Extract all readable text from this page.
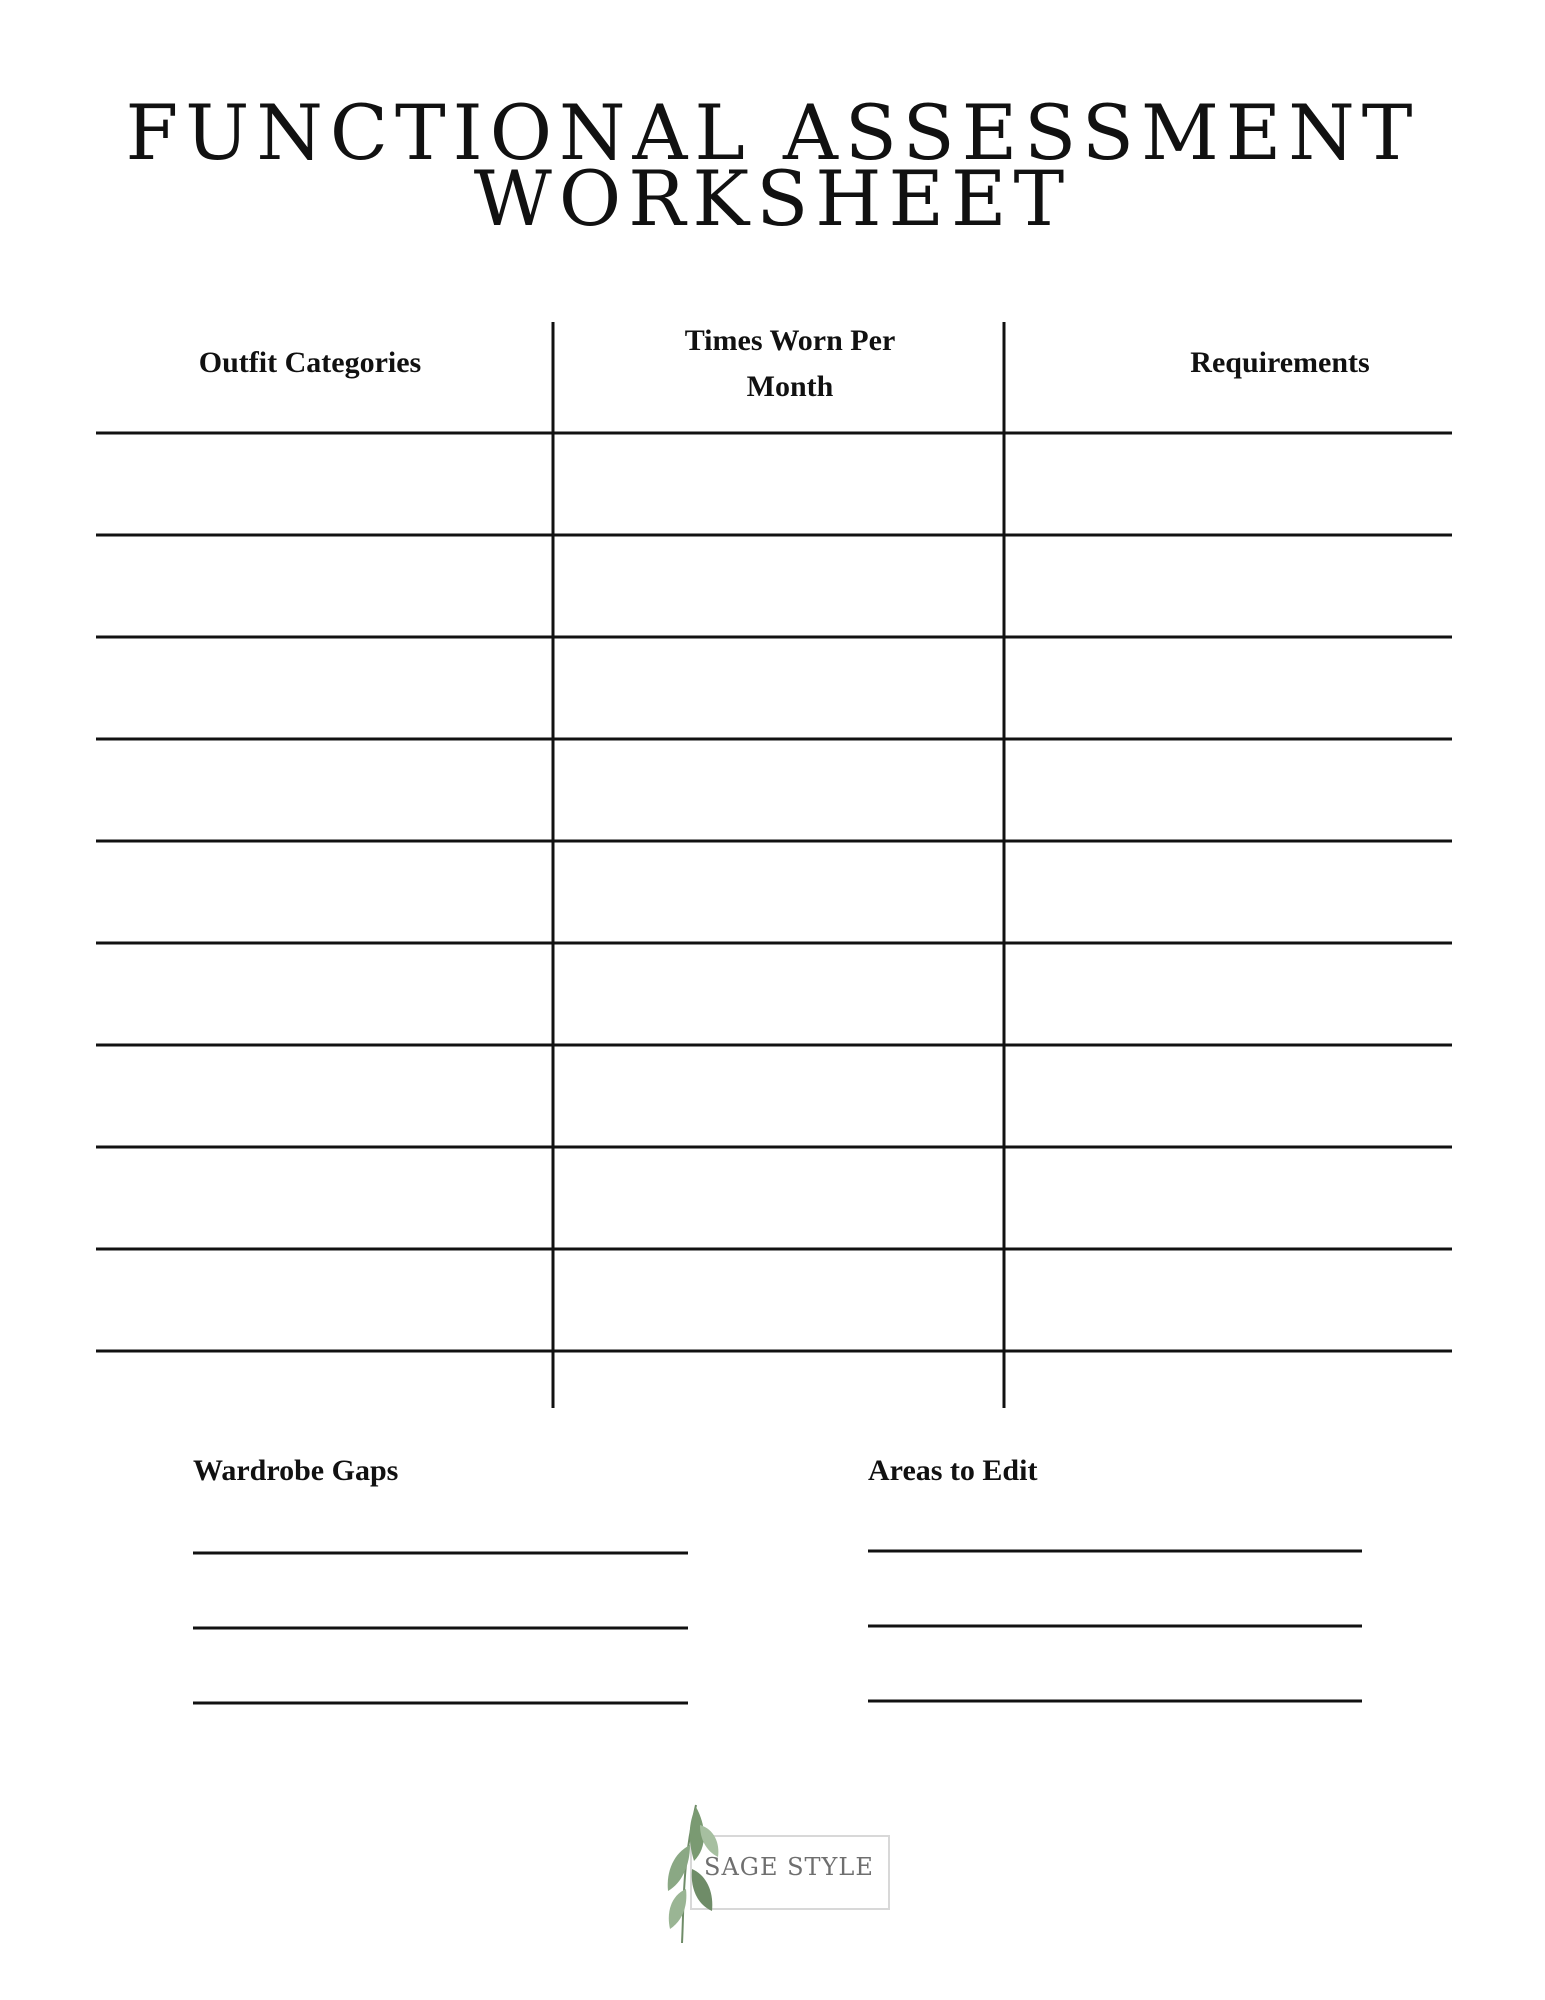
FUNCTIONAL ASSESSMENT
WORKSHEET
Outfit Categories
Times Worn Per Month
Requirements
Wardrobe Gaps	Areas to Edit
SAGE STYLE
